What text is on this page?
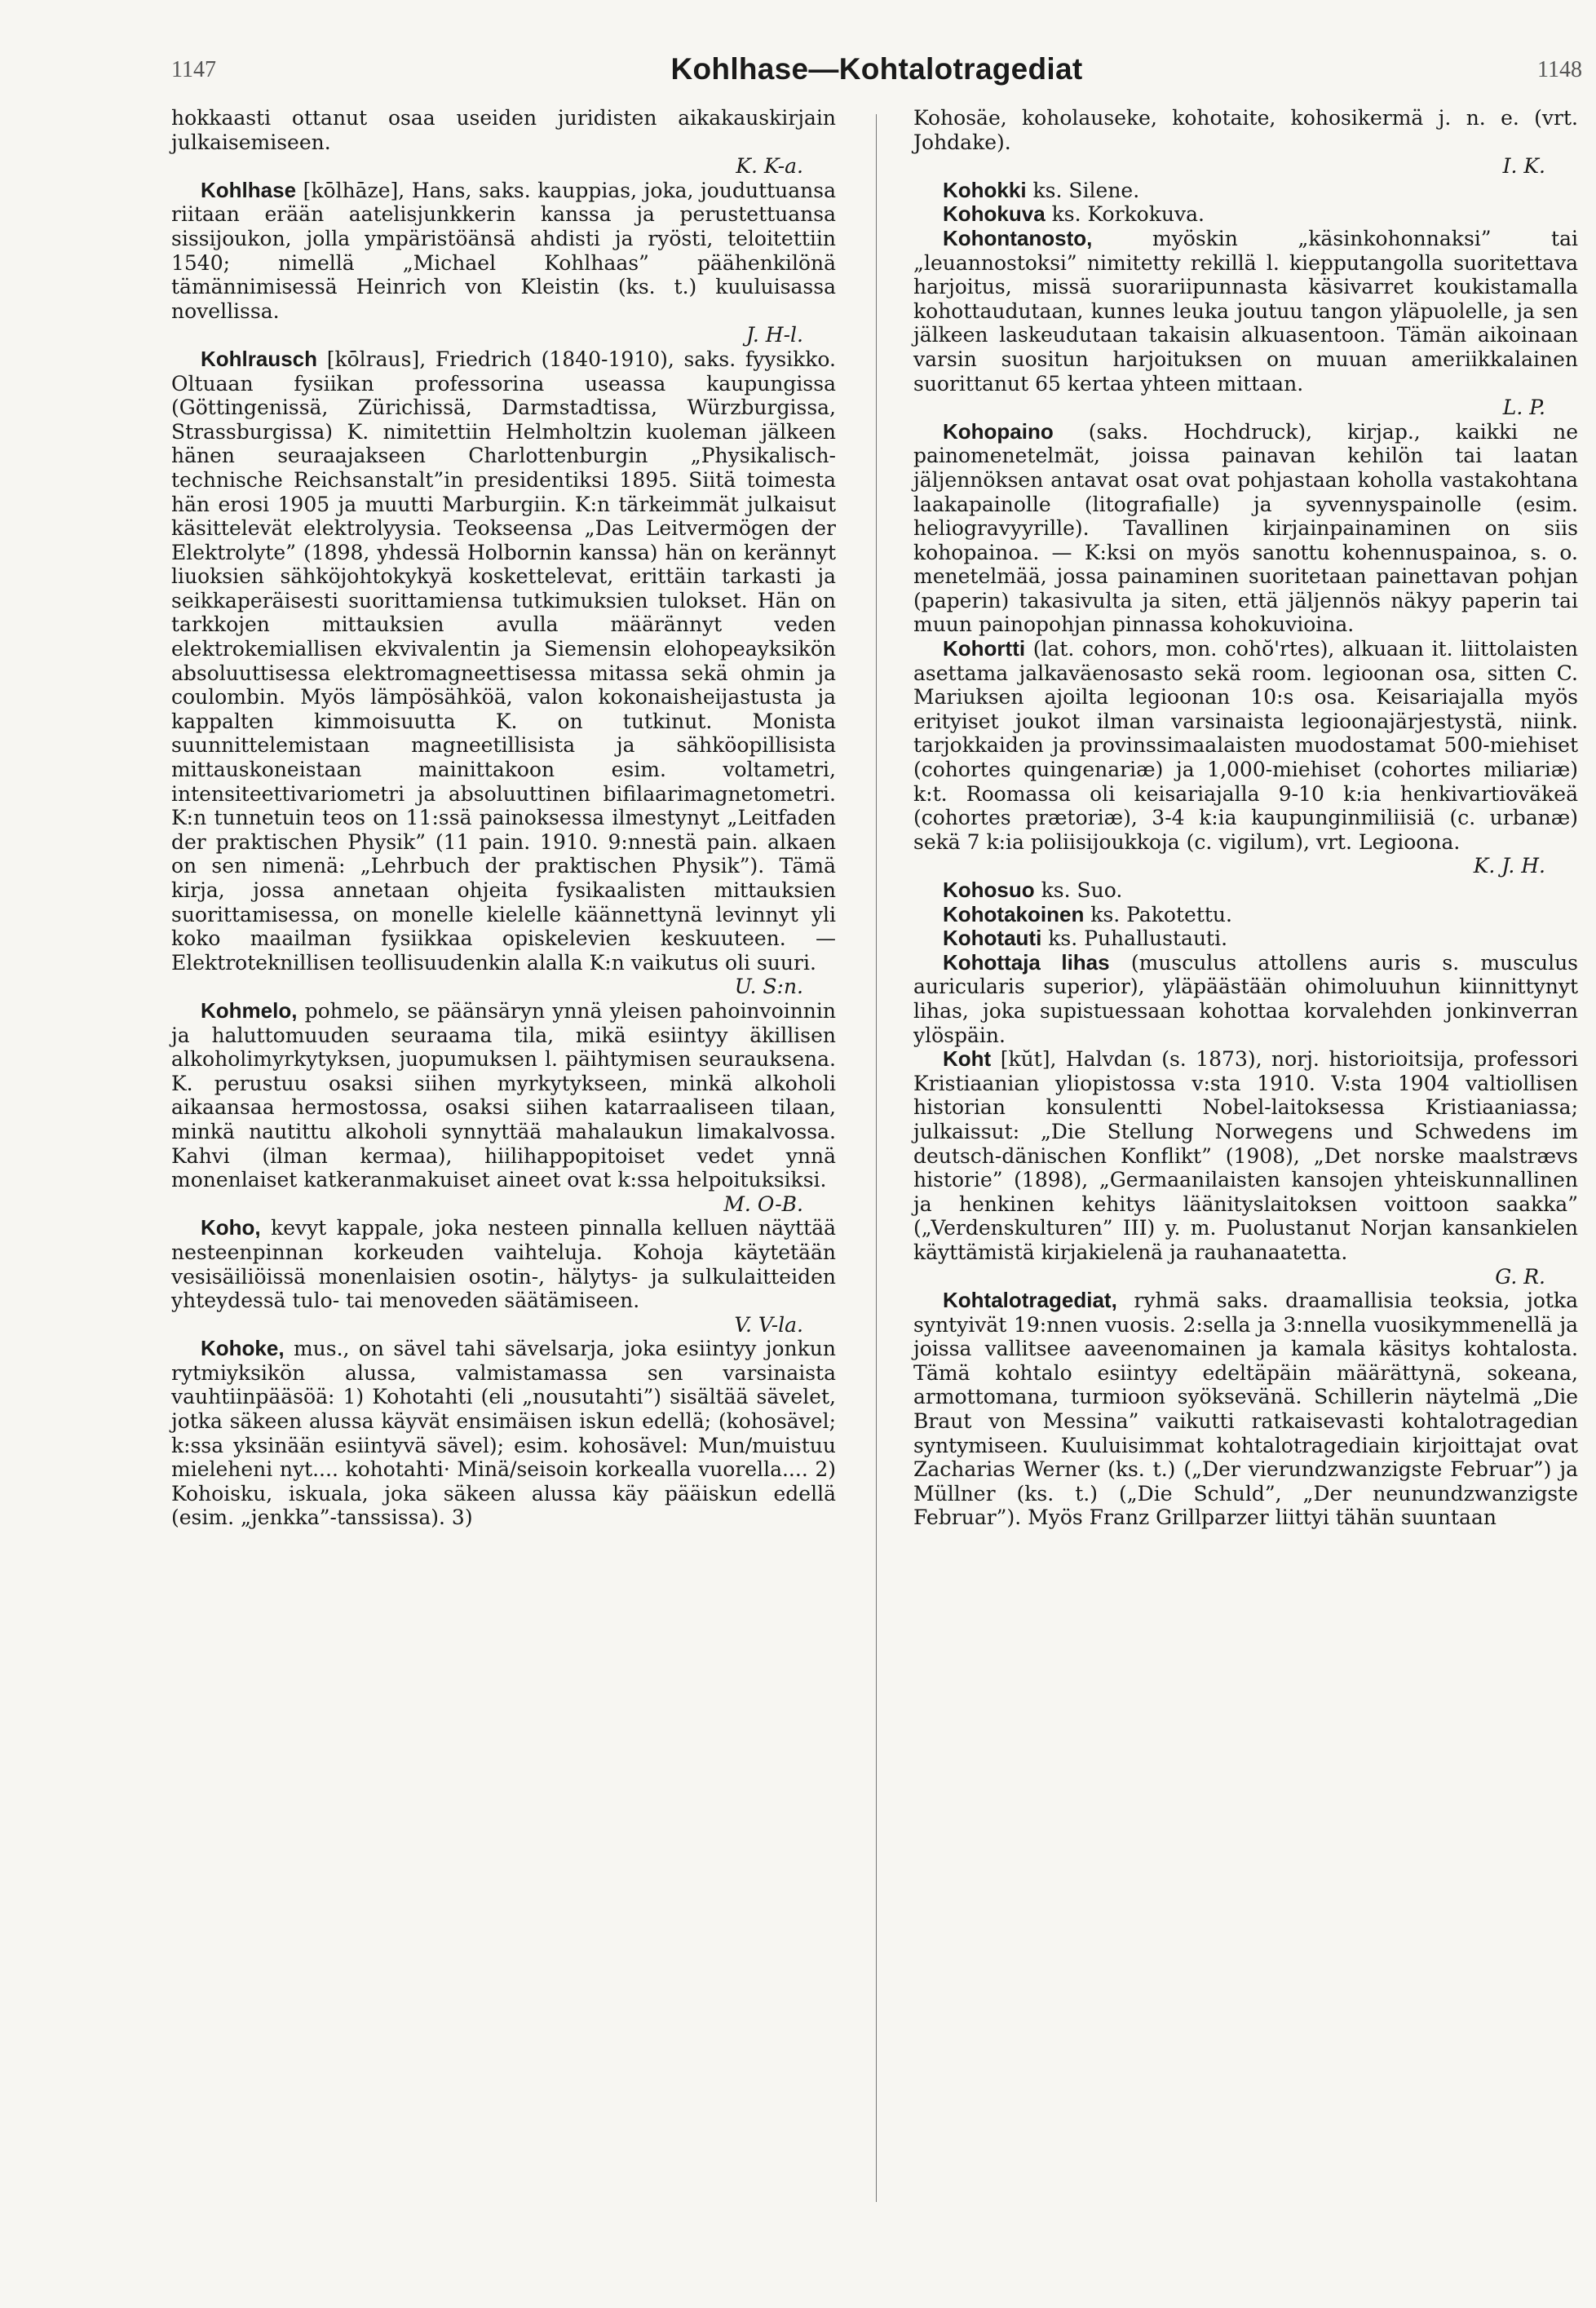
1147	Kohlhase—Kohtalotragediat	1148

hokkaasti ottanut osaa useiden juridisten aikakauskirjain julkaisemiseen.
K. K-a.

Kohlhase [kōlhāze], Hans, saks. kauppias, joka, jouduttuansa riitaan erään aatelisjunkkerin kanssa ja perustettuansa sissijoukon, jolla ympäristöänsä ahdisti ja ryösti, teloitettiin 1540; nimellä „Michael Kohlhaas” päähenkilönä tämännimisessä Heinrich von Kleistin (ks. t.) kuuluisassa novellissa.
J. H-l.

Kohlrausch [kōlraus], Friedrich (1840-1910), saks. fyysikko. Oltuaan fysiikan professorina useassa kaupungissa (Göttingenissä, Zürichissä, Darmstadtissa, Würzburgissa, Strassburgissa) K. nimitettiin Helmholtzin kuoleman jälkeen hänen seuraajakseen Charlottenburgin „Physikalisch-technische Reichsanstalt”in presidentiksi 1895. Siitä toimesta hän erosi 1905 ja muutti Marburgiin. K:n tärkeimmät julkaisut käsittelevät elektrolyysia. Teokseensa „Das Leitvermögen der Elektrolyte” (1898, yhdessä Holbornin kanssa) hän on kerännyt liuoksien sähköjohtokykyä koskettelevat, erittäin tarkasti ja seikkaperäisesti suorittamiensa tutkimuksien tulokset. Hän on tarkkojen mittauksien avulla määrännyt veden elektrokemiallisen ekvivalentin ja Siemensin elohopeayksikön absoluuttisessa elektromagneettisessa mitassa sekä ohmin ja coulombin. Myös lämpösähköä, valon kokonaisheijastusta ja kappalten kimmoisuutta K. on tutkinut. Monista suunnittelemistaan magneetillisista ja sähköopillisista mittauskoneistaan mainittakoon esim. voltametri, intensiteettivariometri ja absoluuttinen bifilaarimagnetometri. K:n tunnetuin teos on 11:ssä painoksessa ilmestynyt „Leitfaden der praktischen Physik” (11 pain. 1910. 9:nnestä pain. alkaen on sen nimenä: „Lehrbuch der praktischen Physik”). Tämä kirja, jossa annetaan ohjeita fysikaalisten mittauksien suorittamisessa, on monelle kielelle käännettynä levinnyt yli koko maailman fysiikkaa opiskelevien keskuuteen. — Elektroteknillisen teollisuudenkin alalla K:n vaikutus oli suuri.
U. S:n.

Kohmelo, pohmelo, se päänsäryn ynnä yleisen pahoinvoinnin ja haluttomuuden seuraama tila, mikä esiintyy äkillisen alkoholimyrkytyksen, juopumuksen l. päihtymisen seurauksena. K. perustuu osaksi siihen myrkytykseen, minkä alkoholi aikaansaa hermostossa, osaksi siihen katarraaliseen tilaan, minkä nautittu alkoholi synnyttää mahalaukun limakalvossa. Kahvi (ilman kermaa), hiilihappopitoiset vedet ynnä monenlaiset katkeranmakuiset aineet ovat k:ssa helpoituksiksi.
M. O-B.

Koho, kevyt kappale, joka nesteen pinnalla kelluen näyttää nesteenpinnan korkeuden vaihteluja. Kohoja käytetään vesisäiliöissä monenlaisien osotin-, hälytys- ja sulkulaitteiden yhteydessä tulo- tai menoveden säätämiseen.
V. V-la.

Kohoke, mus., on sävel tahi sävelsarja, joka esiintyy jonkun rytmiyksikön alussa, valmistamassa sen varsinaista vauhtiinpääsöä: 1) Kohotahti (eli „nousutahti”) sisältää sävelet, jotka säkeen alussa käyvät ensimäisen iskun edellä; (kohosävel; k:ssa yksinään esiintyvä sävel); esim. kohosävel: Mun/muistuu mieleheni nyt.... kohotahti· Minä/seisoin korkealla vuorella.... 2) Kohoisku, iskuala, joka säkeen alussa käy pääiskun edellä (esim. „jenkka”-tanssissa). 3)

Kohosäe, koholauseke, kohotaite, kohosikermä j. n. e. (vrt. Johdake).
I. K.

Kohokki ks. Silene.

Kohokuva ks. Korkokuva.

Kohontanosto,	myöskin „käsinkohonnaksi” tai „leuannostoksi” nimitetty rekillä l. kiepputangolla suoritettava harjoitus, missä suorariipunnasta käsivarret koukistamalla kohottaudutaan, kunnes leuka joutuu tangon yläpuolelle, ja sen jälkeen laskeudutaan takaisin alkuasentoon. Tämän aikoinaan varsin suositun harjoituksen on muuan ameriikkalainen suorittanut 65 kertaa yhteen mittaan.
L. P.

Kohopaino (saks. Hochdruck), kirjap., kaikki ne painomenetelmät, joissa painavan kehilön tai laatan jäljennöksen antavat osat ovat pohjastaan koholla vastakohtana laakapainolle (litografialle) ja syvennyspainolle (esim. heliogravyyrille). Tavallinen kirjainpainaminen on siis kohopainoa. — K:ksi on myös sanottu kohennuspainoa, s. o. menetelmää, jossa painaminen suoritetaan painettavan pohjan (paperin) takasivulta ja siten, että jäljennös näkyy paperin tai muun painopohjan pinnassa kohokuvioina.

Kohortti (lat. cohors, mon. cohŏ'rtes), alkuaan it. liittolaisten asettama jalkaväenosasto sekä room. legioonan osa, sitten C. Mariuksen ajoilta legioonan 10:s osa. Keisariajalla myös erityiset joukot ilman varsinaista legioonajärjestystä, niink. tarjokkaiden ja provinssimaalaisten muodostamat 500-miehiset (cohortes quingenariæ) ja 1,000-miehiset (cohortes miliariæ) k:t. Roomassa oli keisariajalla 9-10 k:ia henkivartioväkeä (cohortes prætoriæ), 3-4 k:ia kaupunginmiliisiä (c. urbanæ) sekä 7 k:ia poliisijoukkoja (c. vigilum), vrt. Legioona.
K. J. H.

Kohosuo ks. Suo.

Kohotakoinen ks. Pakotettu.

Kohotauti ks. Puhallustauti.

Kohottaja lihas (musculus attollens auris s. musculus auricularis superior), yläpäästään ohimoluuhun kiinnittynyt lihas, joka supistuessaan kohottaa korvalehden jonkinverran ylöspäin.

Koht [kŭt], Halvdan (s. 1873), norj. historioitsija, professori Kristiaanian yliopistossa v:sta 1910. V:sta 1904 valtiollisen historian konsulentti Nobel-laitoksessa Kristiaaniassa; julkaissut: „Die Stellung Norwegens und Schwedens im deutsch-dänischen Konflikt” (1908), „Det norske maalstrævs historie” (1898), „Germaanilaisten kansojen yhteiskunnallinen ja henkinen kehitys läänityslaitoksen voittoon saakka” („Verdenskulturen” III) y. m. Puolustanut Norjan kansankielen käyttämistä kirjakielenä ja rauhanaatetta.
G. R.

Kohtalotragediat, ryhmä saks. draamallisia teoksia, jotka syntyivät 19:nnen vuosis. 2:sella ja 3:nnella vuosikymmenellä ja joissa vallitsee aaveenomainen ja kamala käsitys kohtalosta. Tämä kohtalo esiintyy edeltäpäin määrättynä, sokeana, armottomana, turmioon syöksevänä. Schillerin näytelmä „Die Braut von Messina” vaikutti ratkaisevasti kohtalotragedian syntymiseen. Kuuluisimmat kohtalotragediain kirjoittajat ovat Zacharias Werner (ks. t.) („Der vierundzwanzigste Februar”) ja Müllner (ks. t.) („Die Schuld”, „Der neunundzwanzigste Februar”). Myös Franz Grillparzer liittyi tähän suuntaan
